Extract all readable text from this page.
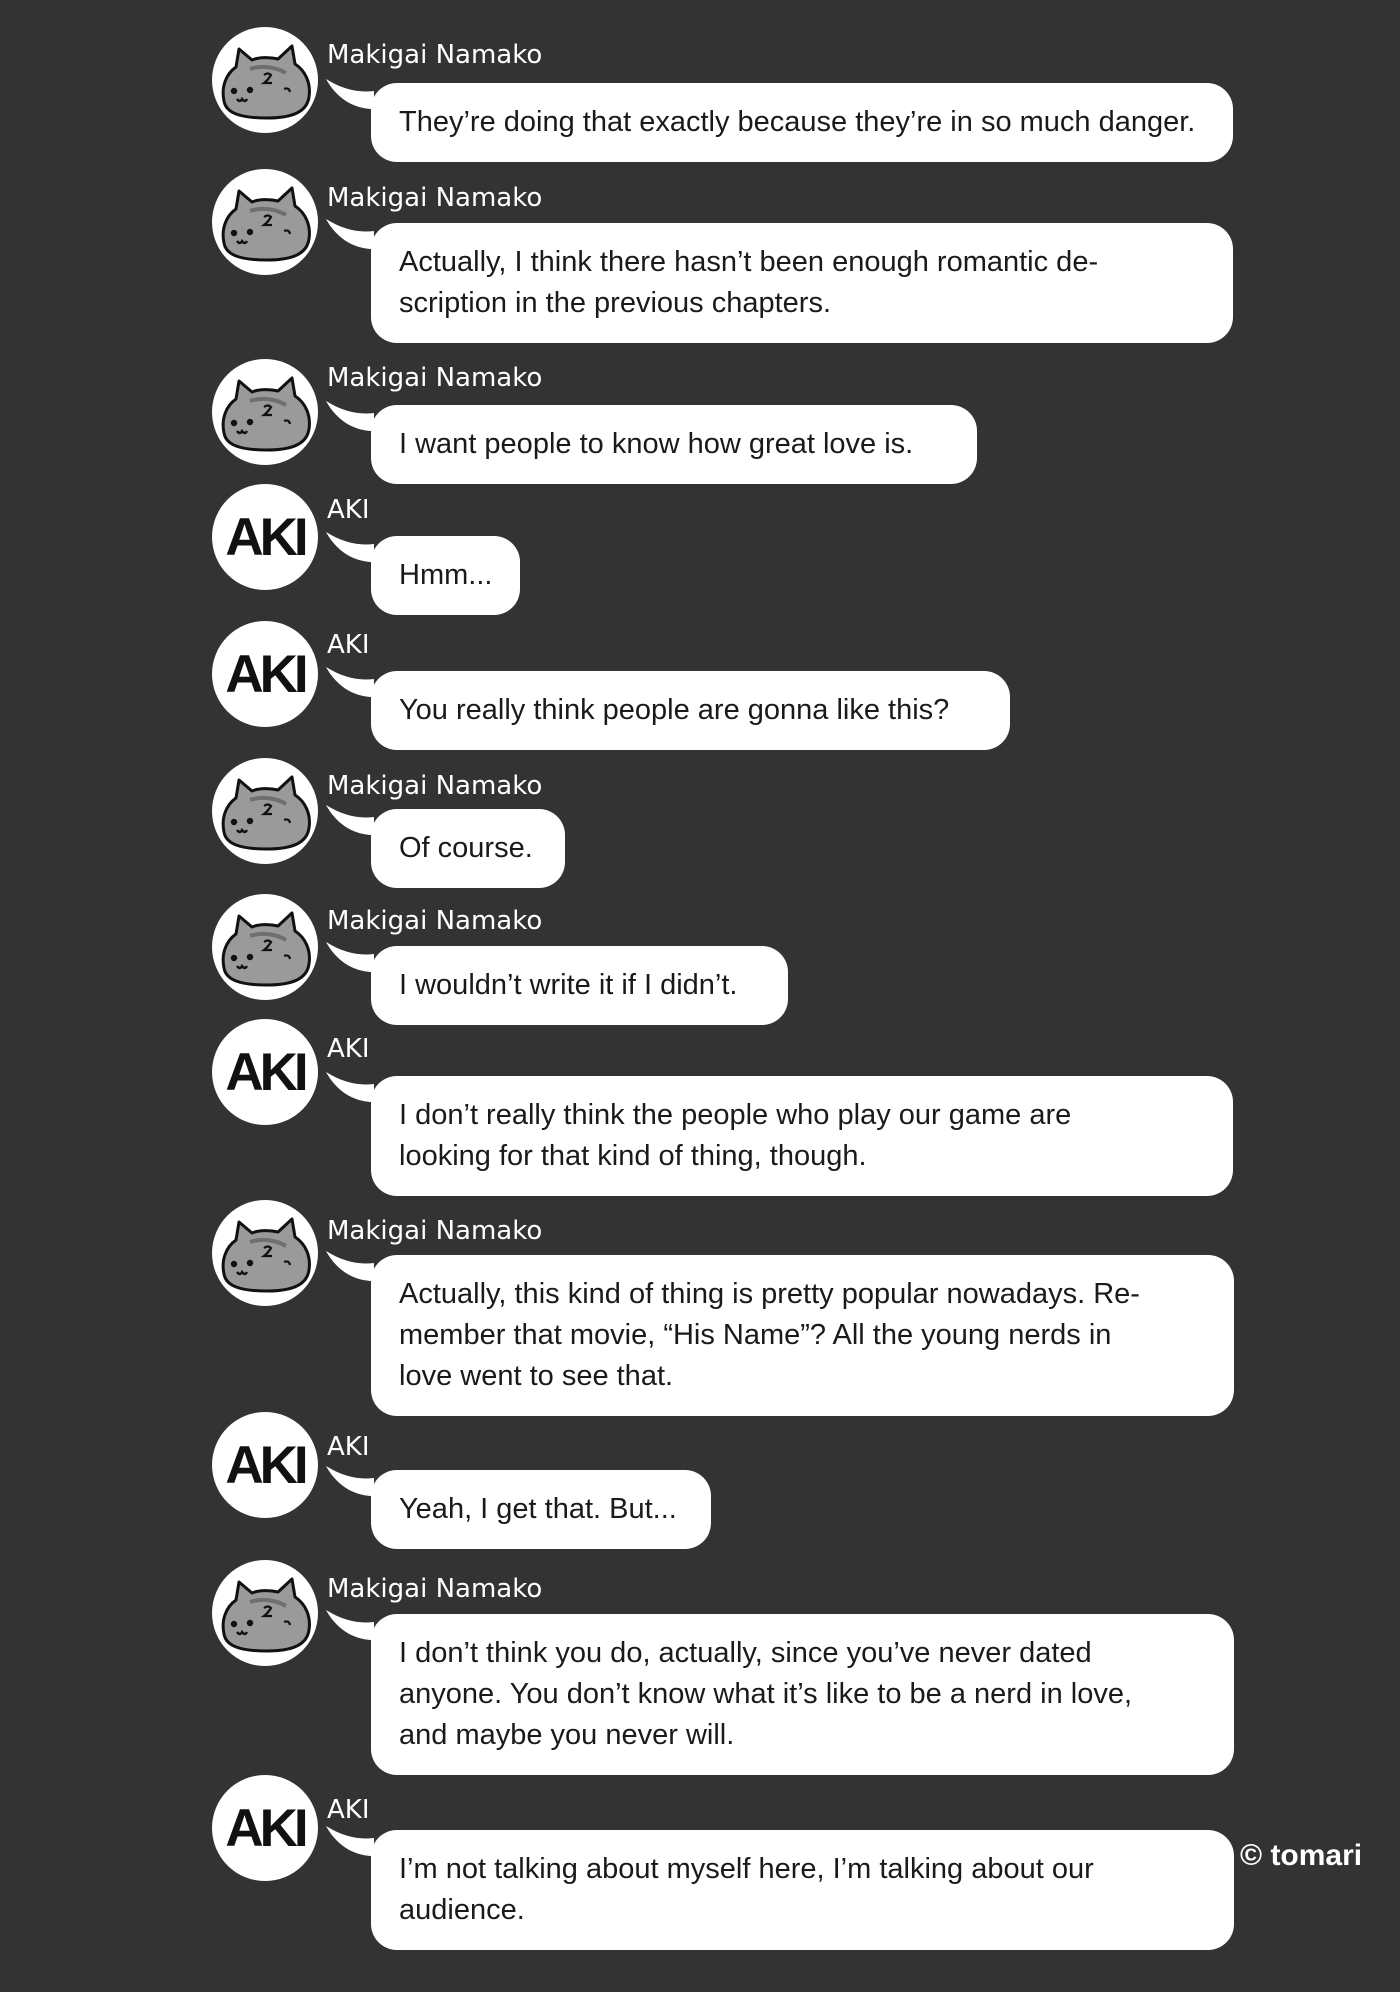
Makigai Namako

They’re doing that exactly because they’re in so much danger.

Makigai Namako

Actually, I think there hasn’t been enough romantic de-

scription in the previous chapters.

Makigai Namako

I want people to know how great love is.

AKI AKI

Hmm...

AKI AKI

You really think people are gonna like this?

Makigai Namako

Of course.

Makigai Namako

I wouldn’t write it if I didn’t.

AKI AKI

I don’t really think the people who play our game are

looking for that kind of thing, though.

Makigai Namako

Actually, this kind of thing is pretty popular nowadays. Re-

member that movie, “His Name”? All the young nerds in

love went to see that.

AKI AKI

Yeah, I get that. But...

Makigai Namako

I don’t think you do, actually, since you’ve never dated

anyone. You don’t know what it’s like to be a nerd in love,

and maybe you never will.

AKI AKI

I’m not talking about myself here, I’m talking about our

audience.

© tomari
